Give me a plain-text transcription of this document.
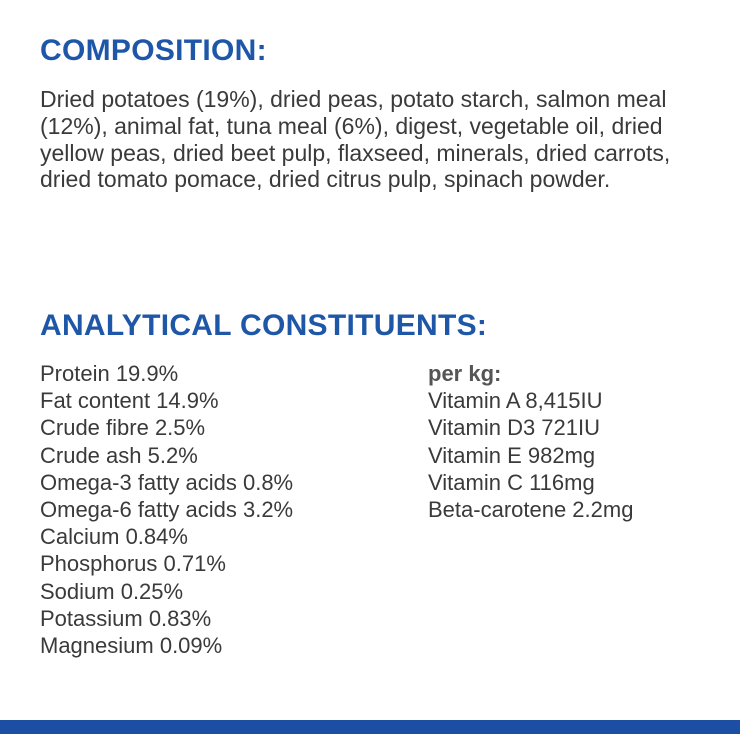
COMPOSITION:

Dried potatoes (19%), dried peas, potato starch, salmon meal (12%), animal fat, tuna meal (6%), digest, vegetable oil, dried yellow peas, dried beet pulp, flaxseed, minerals, dried carrots, dried tomato pomace, dried citrus pulp, spinach powder.

ANALYTICAL CONSTITUENTS:
Protein 19.9%
Fat content 14.9%
Crude fibre 2.5%
Crude ash 5.2%
Omega-3 fatty acids 0.8%
Omega-6 fatty acids 3.2%
Calcium 0.84%
Phosphorus 0.71%
Sodium 0.25%
Potassium 0.83%
Magnesium 0.09%
per kg:
Vitamin A 8,415IU
Vitamin D3 721IU
Vitamin E 982mg
Vitamin C 116mg
Beta-carotene 2.2mg
